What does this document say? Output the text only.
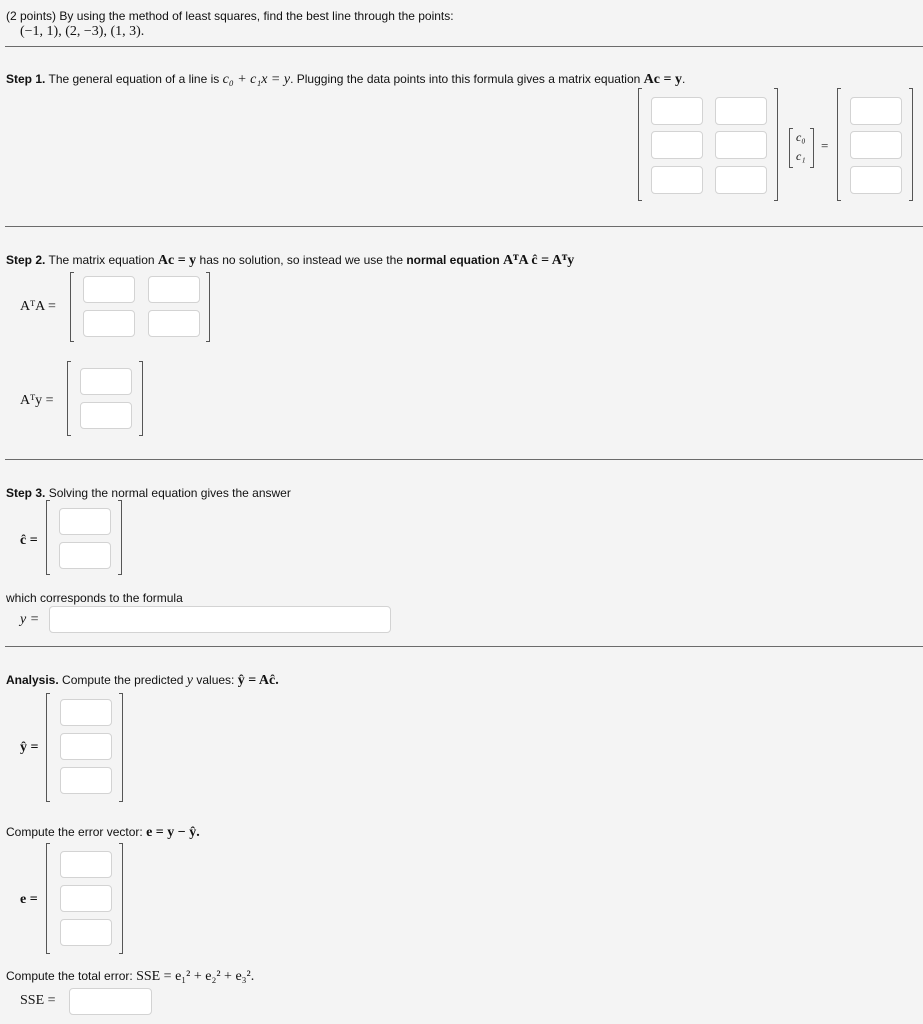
(2 points) By using the method of least squares, find the best line through the points:
(−1, 1), (2, −3), (1, 3).
Step 1. The general equation of a line is c₀ + c₁x = y. Plugging the data points into this formula gives a matrix equation Ac = y.
c₀
c₁
=
Step 2. The matrix equation Ac = y has no solution, so instead we use the normal equation AᵀA ĉ = Aᵀy
AᵀA =
Aᵀy =
Step 3. Solving the normal equation gives the answer
ĉ =
which corresponds to the formula
y =
Analysis. Compute the predicted y values: ŷ = Aĉ.
ŷ =
Compute the error vector: e = y − ŷ.
e =
Compute the total error: SSE = e₁² + e₂² + e₃².
SSE =
